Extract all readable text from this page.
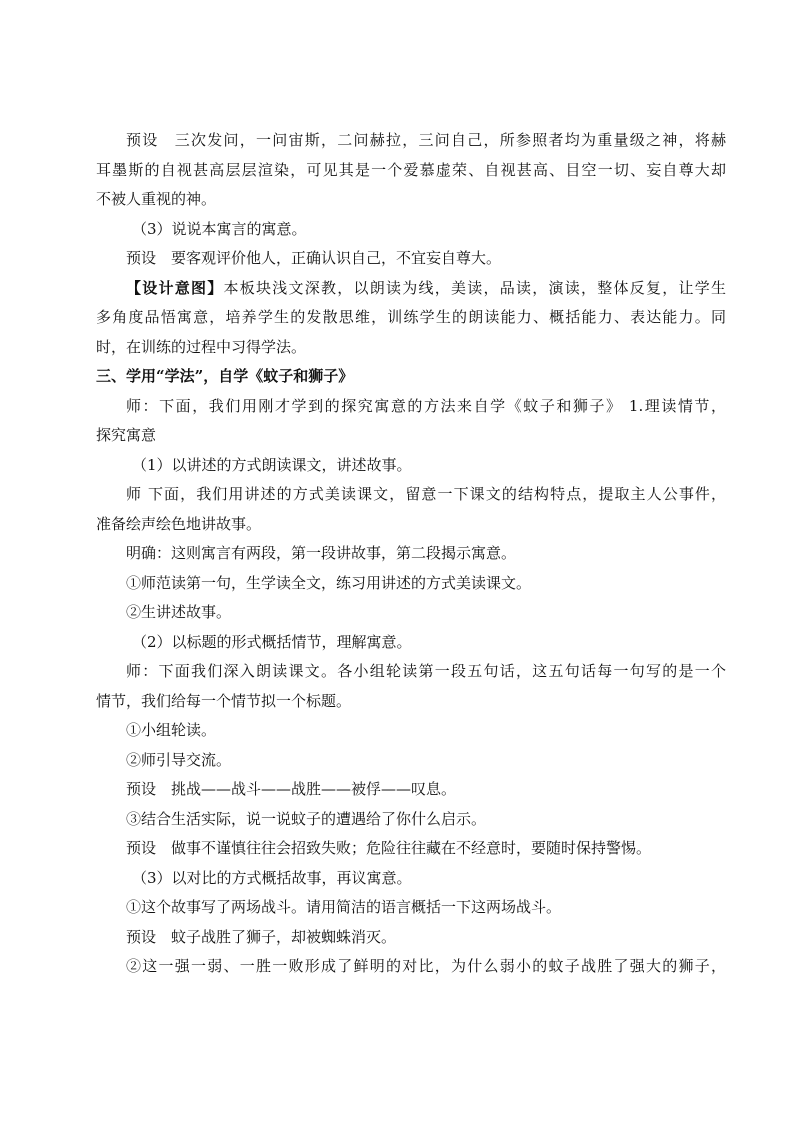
预设　三次发问，一问宙斯，二问赫拉，三问自己，所参照者均为重量级之神，将赫

耳墨斯的自视甚高层层渲染，可见其是一个爱慕虚荣、自视甚高、目空一切、妄自尊大却

不被人重视的神。

（3）说说本寓言的寓意。

预设　要客观评价他人，正确认识自己，不宜妄自尊大。

【设计意图】本板块浅文深教，以朗读为线，美读，品读，演读，整体反复，让学生

多角度品悟寓意，培养学生的发散思维，训练学生的朗读能力、概括能力、表达能力。同

时，在训练的过程中习得学法。

三、学用“学法”，自学《蚊子和狮子》

师：下面，我们用刚才学到的探究寓意的方法来自学《蚊子和狮子》 1.理读情节，

探究寓意

（1）以讲述的方式朗读课文，讲述故事。

师 下面，我们用讲述的方式美读课文，留意一下课文的结构特点，提取主人公事件，

准备绘声绘色地讲故事。

明确：这则寓言有两段，第一段讲故事，第二段揭示寓意。

①师范读第一句，生学读全文，练习用讲述的方式美读课文。

②生讲述故事。

（2）以标题的形式概括情节，理解寓意。

师：下面我们深入朗读课文。各小组轮读第一段五句话，这五句话每一句写的是一个

情节，我们给每一个情节拟一个标题。

①小组轮读。

②师引导交流。

预设　挑战——战斗——战胜——被俘——叹息。

③结合生活实际，说一说蚊子的遭遇给了你什么启示。

预设　做事不谨慎往往会招致失败；危险往往藏在不经意时，要随时保持警惕。

（3）以对比的方式概括故事，再议寓意。

①这个故事写了两场战斗。请用简洁的语言概括一下这两场战斗。

预设　蚊子战胜了狮子，却被蜘蛛消灭。

②这一强一弱、一胜一败形成了鲜明的对比，为什么弱小的蚊子战胜了强大的狮子，
